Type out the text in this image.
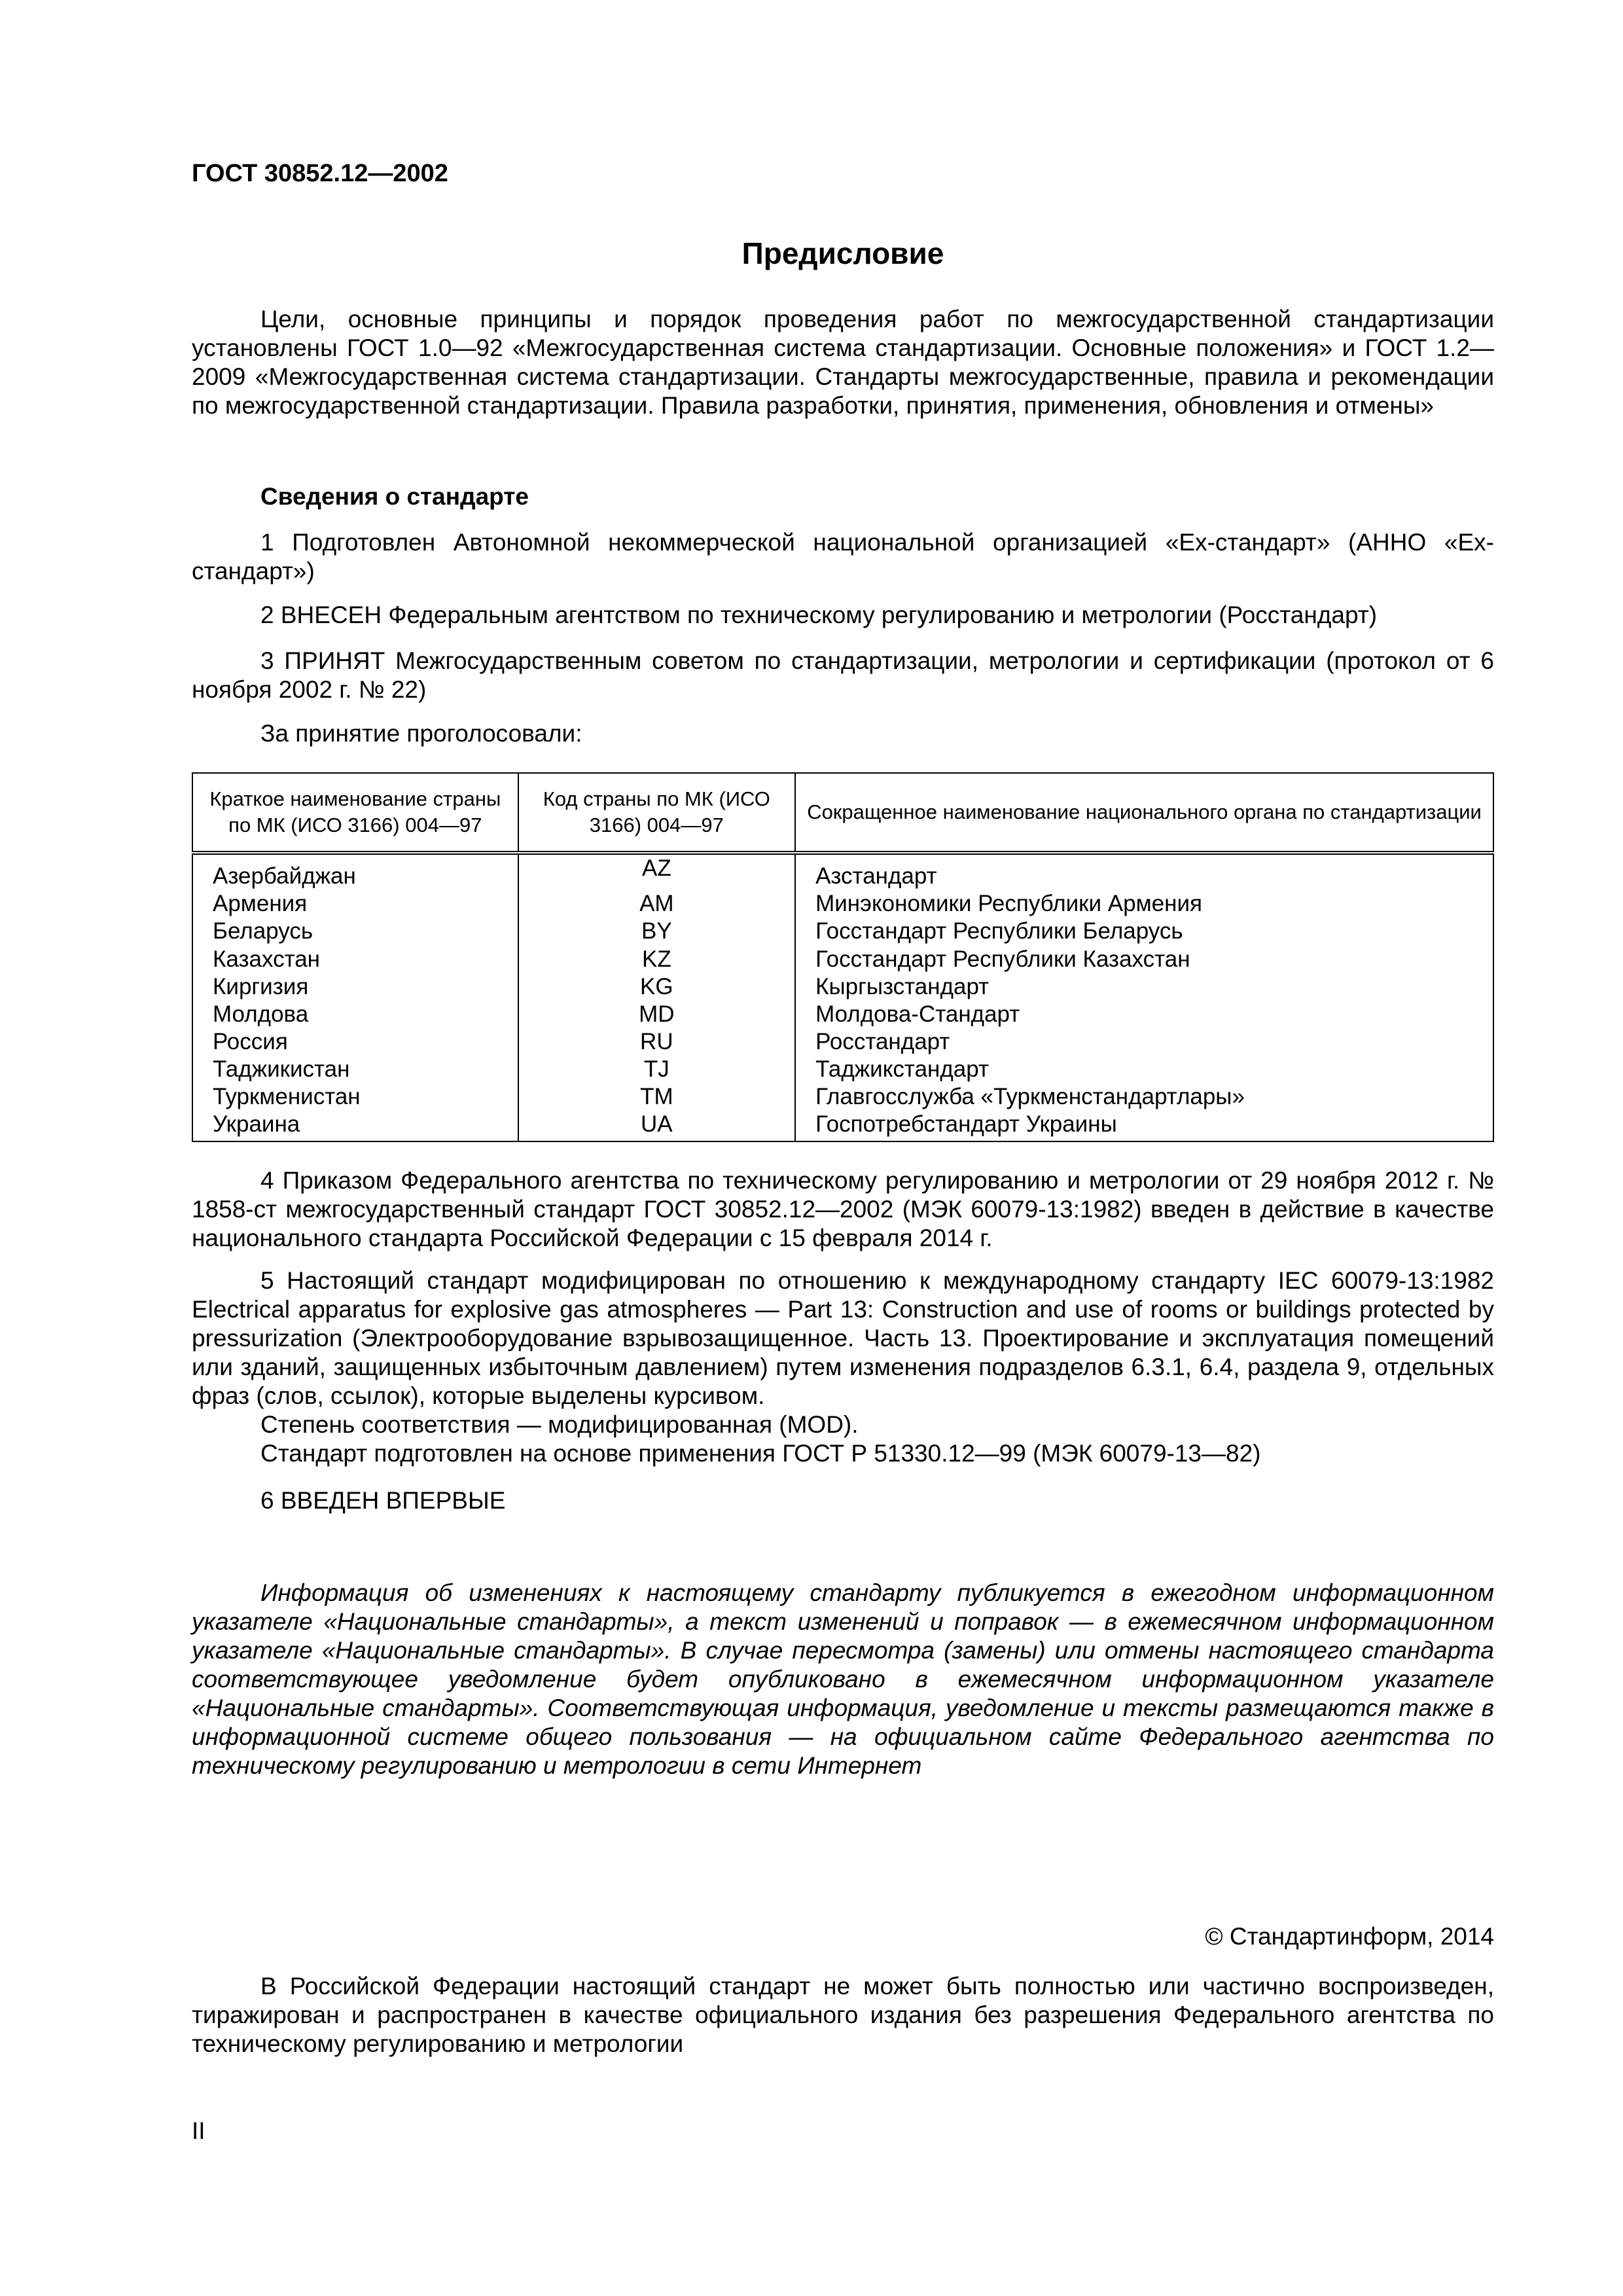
ГОСТ 30852.12—2002
Предисловие
Цели, основные принципы и порядок проведения работ по межгосударственной стандартизации установлены ГОСТ 1.0—92 «Межгосударственная система стандартизации. Основные положения» и ГОСТ 1.2—2009 «Межгосударственная система стандартизации. Стандарты межгосударственные, правила и рекомендации по межгосударственной стандартизации. Правила разработки, принятия, применения, обновления и отмены»
Сведения о стандарте
1 Подготовлен Автономной некоммерческой национальной организацией «Ех-стандарт» (АННО «Ех-стандарт»)
2 ВНЕСЕН Федеральным агентством по техническому регулированию и метрологии (Росстандарт)
3 ПРИНЯТ Межгосударственным советом по стандартизации, метрологии и сертификации (протокол от 6 ноября 2002 г. № 22)
За принятие проголосовали:
Краткое наименование страны по МК (ИСО 3166) 004—97	Код страны по МК (ИСО 3166) 004—97	Сокращенное наименование национального органа по стандартизации
Азербайджан	AZ	Азстандарт
Армения	AM	Минэкономики Республики Армения
Беларусь	BY	Госстандарт Республики Беларусь
Казахстан	KZ	Госстандарт Республики Казахстан
Киргизия	KG	Кыргызстандарт
Молдова	MD	Молдова-Стандарт
Россия	RU	Росстандарт
Таджикистан	TJ	Таджикстандарт
Туркменистан	TM	Главгосслужба «Туркменстандартлары»
Украина	UA	Госпотребстандарт Украины
4 Приказом Федерального агентства по техническому регулированию и метрологии от 29 ноября 2012 г. № 1858-ст межгосударственный стандарт ГОСТ 30852.12—2002 (МЭК 60079-13:1982) введен в действие в качестве национального стандарта Российской Федерации с 15 февраля 2014 г.
5 Настоящий стандарт модифицирован по отношению к международному стандарту IEC 60079-13:1982 Electrical apparatus for explosive gas atmospheres — Part 13: Construction and use of rooms or buildings protected by pressurization (Электрооборудование взрывозащищенное. Часть 13. Проектирование и эксплуатация помещений или зданий, защищенных избыточным давлением) путем изменения подразделов 6.3.1, 6.4, раздела 9, отдельных фраз (слов, ссылок), которые выделены курсивом.
Степень соответствия — модифицированная (MOD).
Стандарт подготовлен на основе применения ГОСТ Р 51330.12—99 (МЭК 60079-13—82)
6 ВВЕДЕН ВПЕРВЫЕ
Информация об изменениях к настоящему стандарту публикуется в ежегодном информационном указателе «Национальные стандарты», а текст изменений и поправок — в ежемесячном информационном указателе «Национальные стандарты». В случае пересмотра (замены) или отмены настоящего стандарта соответствующее уведомление будет опубликовано в ежемесячном информационном указателе «Национальные стандарты». Соответствующая информация, уведомление и тексты размещаются также в информационной системе общего пользования — на официальном сайте Федерального агентства по техническому регулированию и метрологии в сети Интернет
© Стандартинформ, 2014
В Российской Федерации настоящий стандарт не может быть полностью или частично воспроизведен, тиражирован и распространен в качестве официального издания без разрешения Федерального агентства по техническому регулированию и метрологии
II
